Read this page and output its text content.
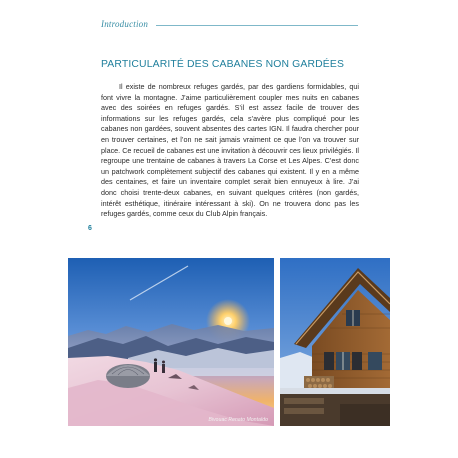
Introduction
PARTICULARITÉ DES CABANES NON GARDÉES

Il existe de nombreux refuges gardés, par des gardiens formidables, qui font vivre la montagne. J’aime particulièrement coupler mes nuits en cabanes avec des soirées en refuges gardés. S’il est assez facile de trouver des informations sur les refuges gardés, cela s’avère plus compliqué pour les cabanes non gardées, souvent absentes des cartes IGN. Il faudra chercher pour en trouver certaines, et l’on ne sait jamais vraiment ce que l’on va trouver sur place. Ce recueil de cabanes est une invitation à découvrir ces lieux privilégiés. Il regroupe une trentaine de cabanes à travers La Corse et Les Alpes. C’est donc un patchwork complètement subjectif des cabanes qui existent. Il y en a même des centaines, et faire un inventaire complet serait bien ennuyeux à lire. J’ai donc choisi trente-deux cabanes, en suivant quelques critères (non gardés, intérêt esthétique, itinéraire intéressant à ski). On ne trouvera donc pas les refuges gardés, comme ceux du Club Alpin français.

6
Bivouac Renato Montaldo
